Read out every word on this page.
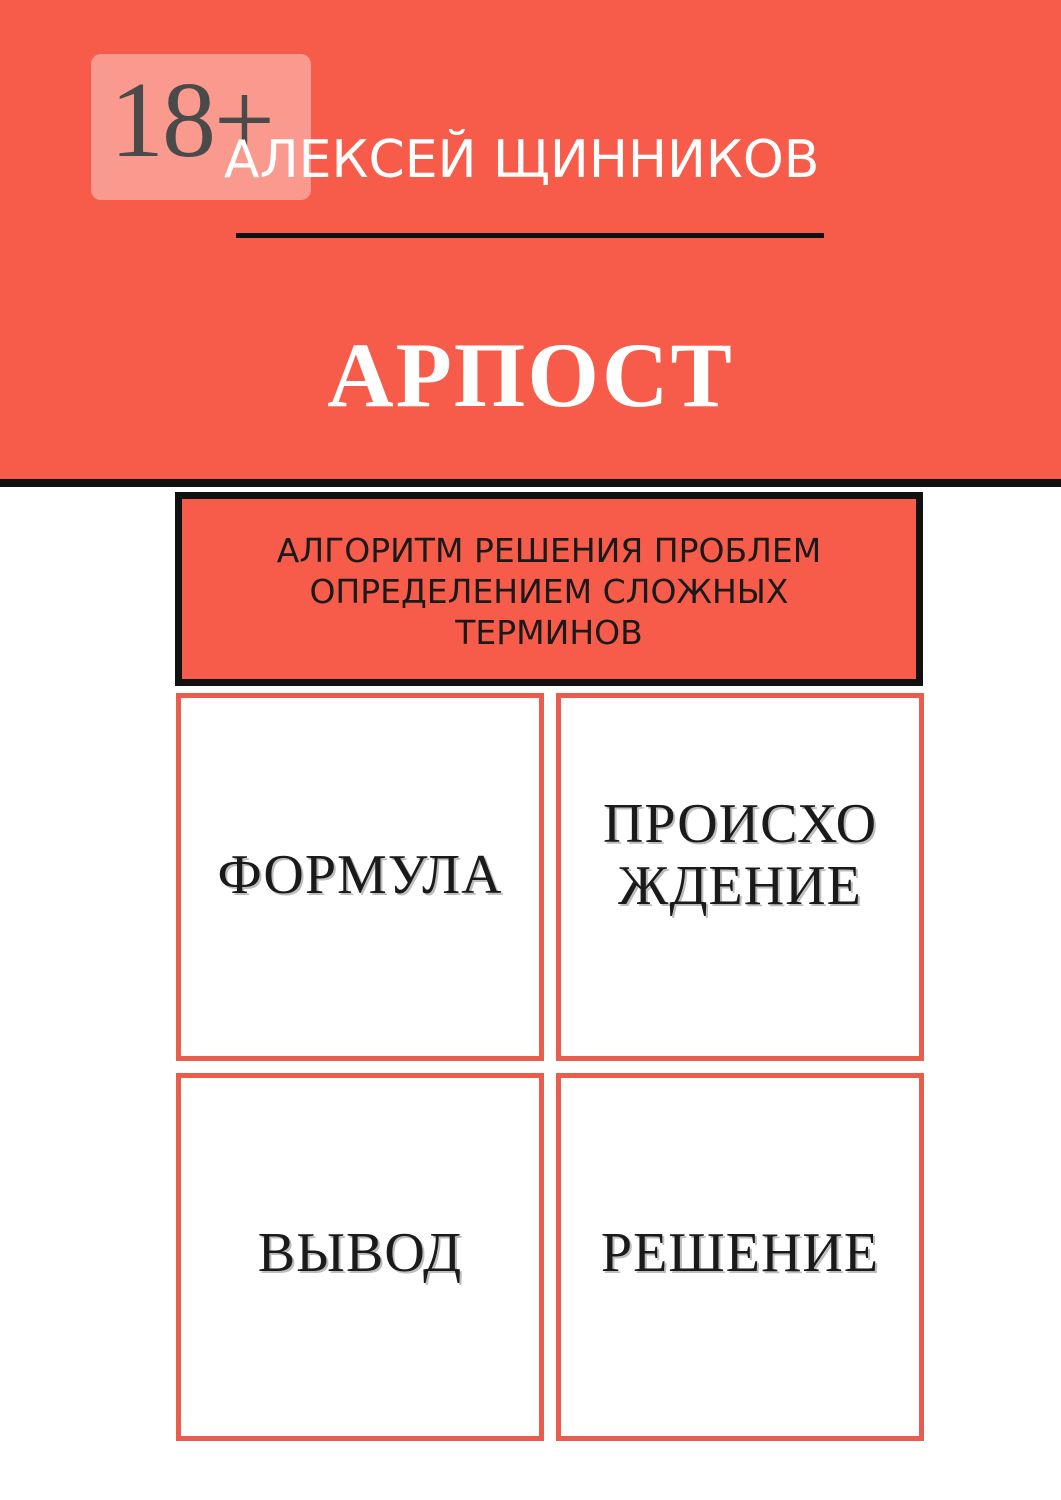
18+
АЛЕКСЕЙ ЩИННИКОВ
АРПОСТ
АЛГОРИТМ РЕШЕНИЯ ПРОБЛЕМ ОПРЕДЕЛЕНИЕМ СЛОЖНЫХ ТЕРМИНОВ
ФОРМУЛА
ПРОИСХОЖДЕНИЕ
ВЫВОД РЕШЕНИЕ
